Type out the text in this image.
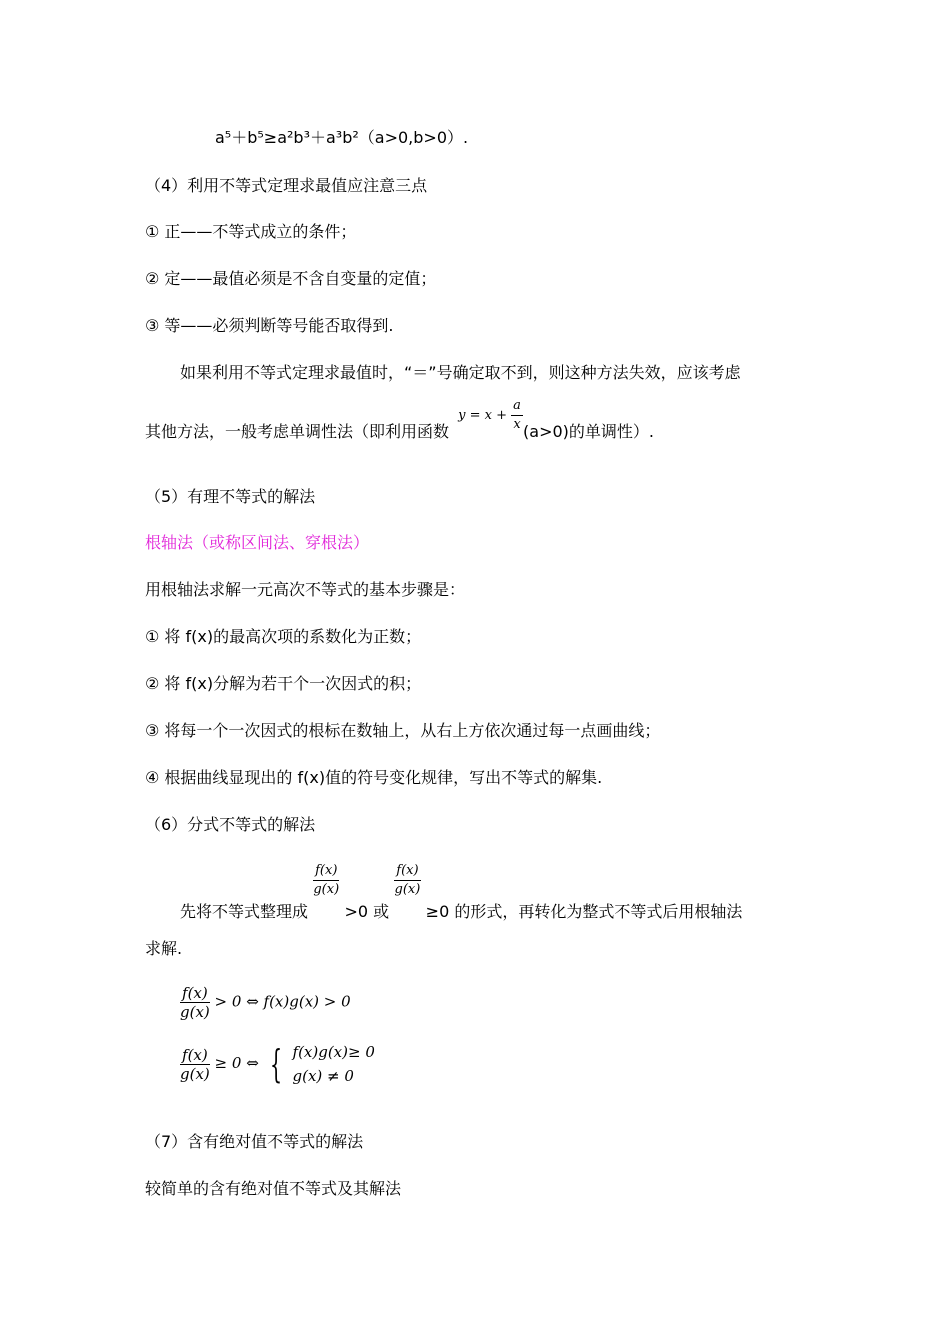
a⁵＋b⁵≥a²b³＋a³b²（a>0,b>0）.
（4）利用不等式定理求最值应注意三点
① 正——不等式成立的条件；
② 定——最值必须是不含自变量的定值；
③ 等——必须判断等号能否取得到.
如果利用不等式定理求最值时，“＝”号确定取不到，则这种方法失效，应该考虑
其他方法，一般考虑单调性法（即利用函数 $y = x + \frac{a}{x} (a>0)$的单调性）.
（5）有理不等式的解法
根轴法（或称区间法、穿根法）
用根轴法求解一元高次不等式的基本步骤是：
① 将 f(x)的最高次项的系数化为正数；
② 将 f(x)分解为若干个一次因式的积；
③ 将每一个一次因式的根标在数轴上，从右上方依次通过每一点画曲线；
④ 根据曲线显现出的 f(x)值的符号变化规律，写出不等式的解集.
（6）分式不等式的解法
先将不等式整理成
$\frac{f(x)}{g(x)}$
>0 或
$\frac{f(x)}{g(x)}$
≥0 的形式，再转化为整式不等式后用根轴法
求解.
$\frac{f(x)}{g(x)} > 0$ ⇔ f(x)g(x) > 0
$\frac{f(x)}{g(x)} \ge 0$ ⇔ { f(x)g(x)≥ 0
g(x) ≠ 0
（7）含有绝对值不等式的解法
较简单的含有绝对值不等式及其解法
